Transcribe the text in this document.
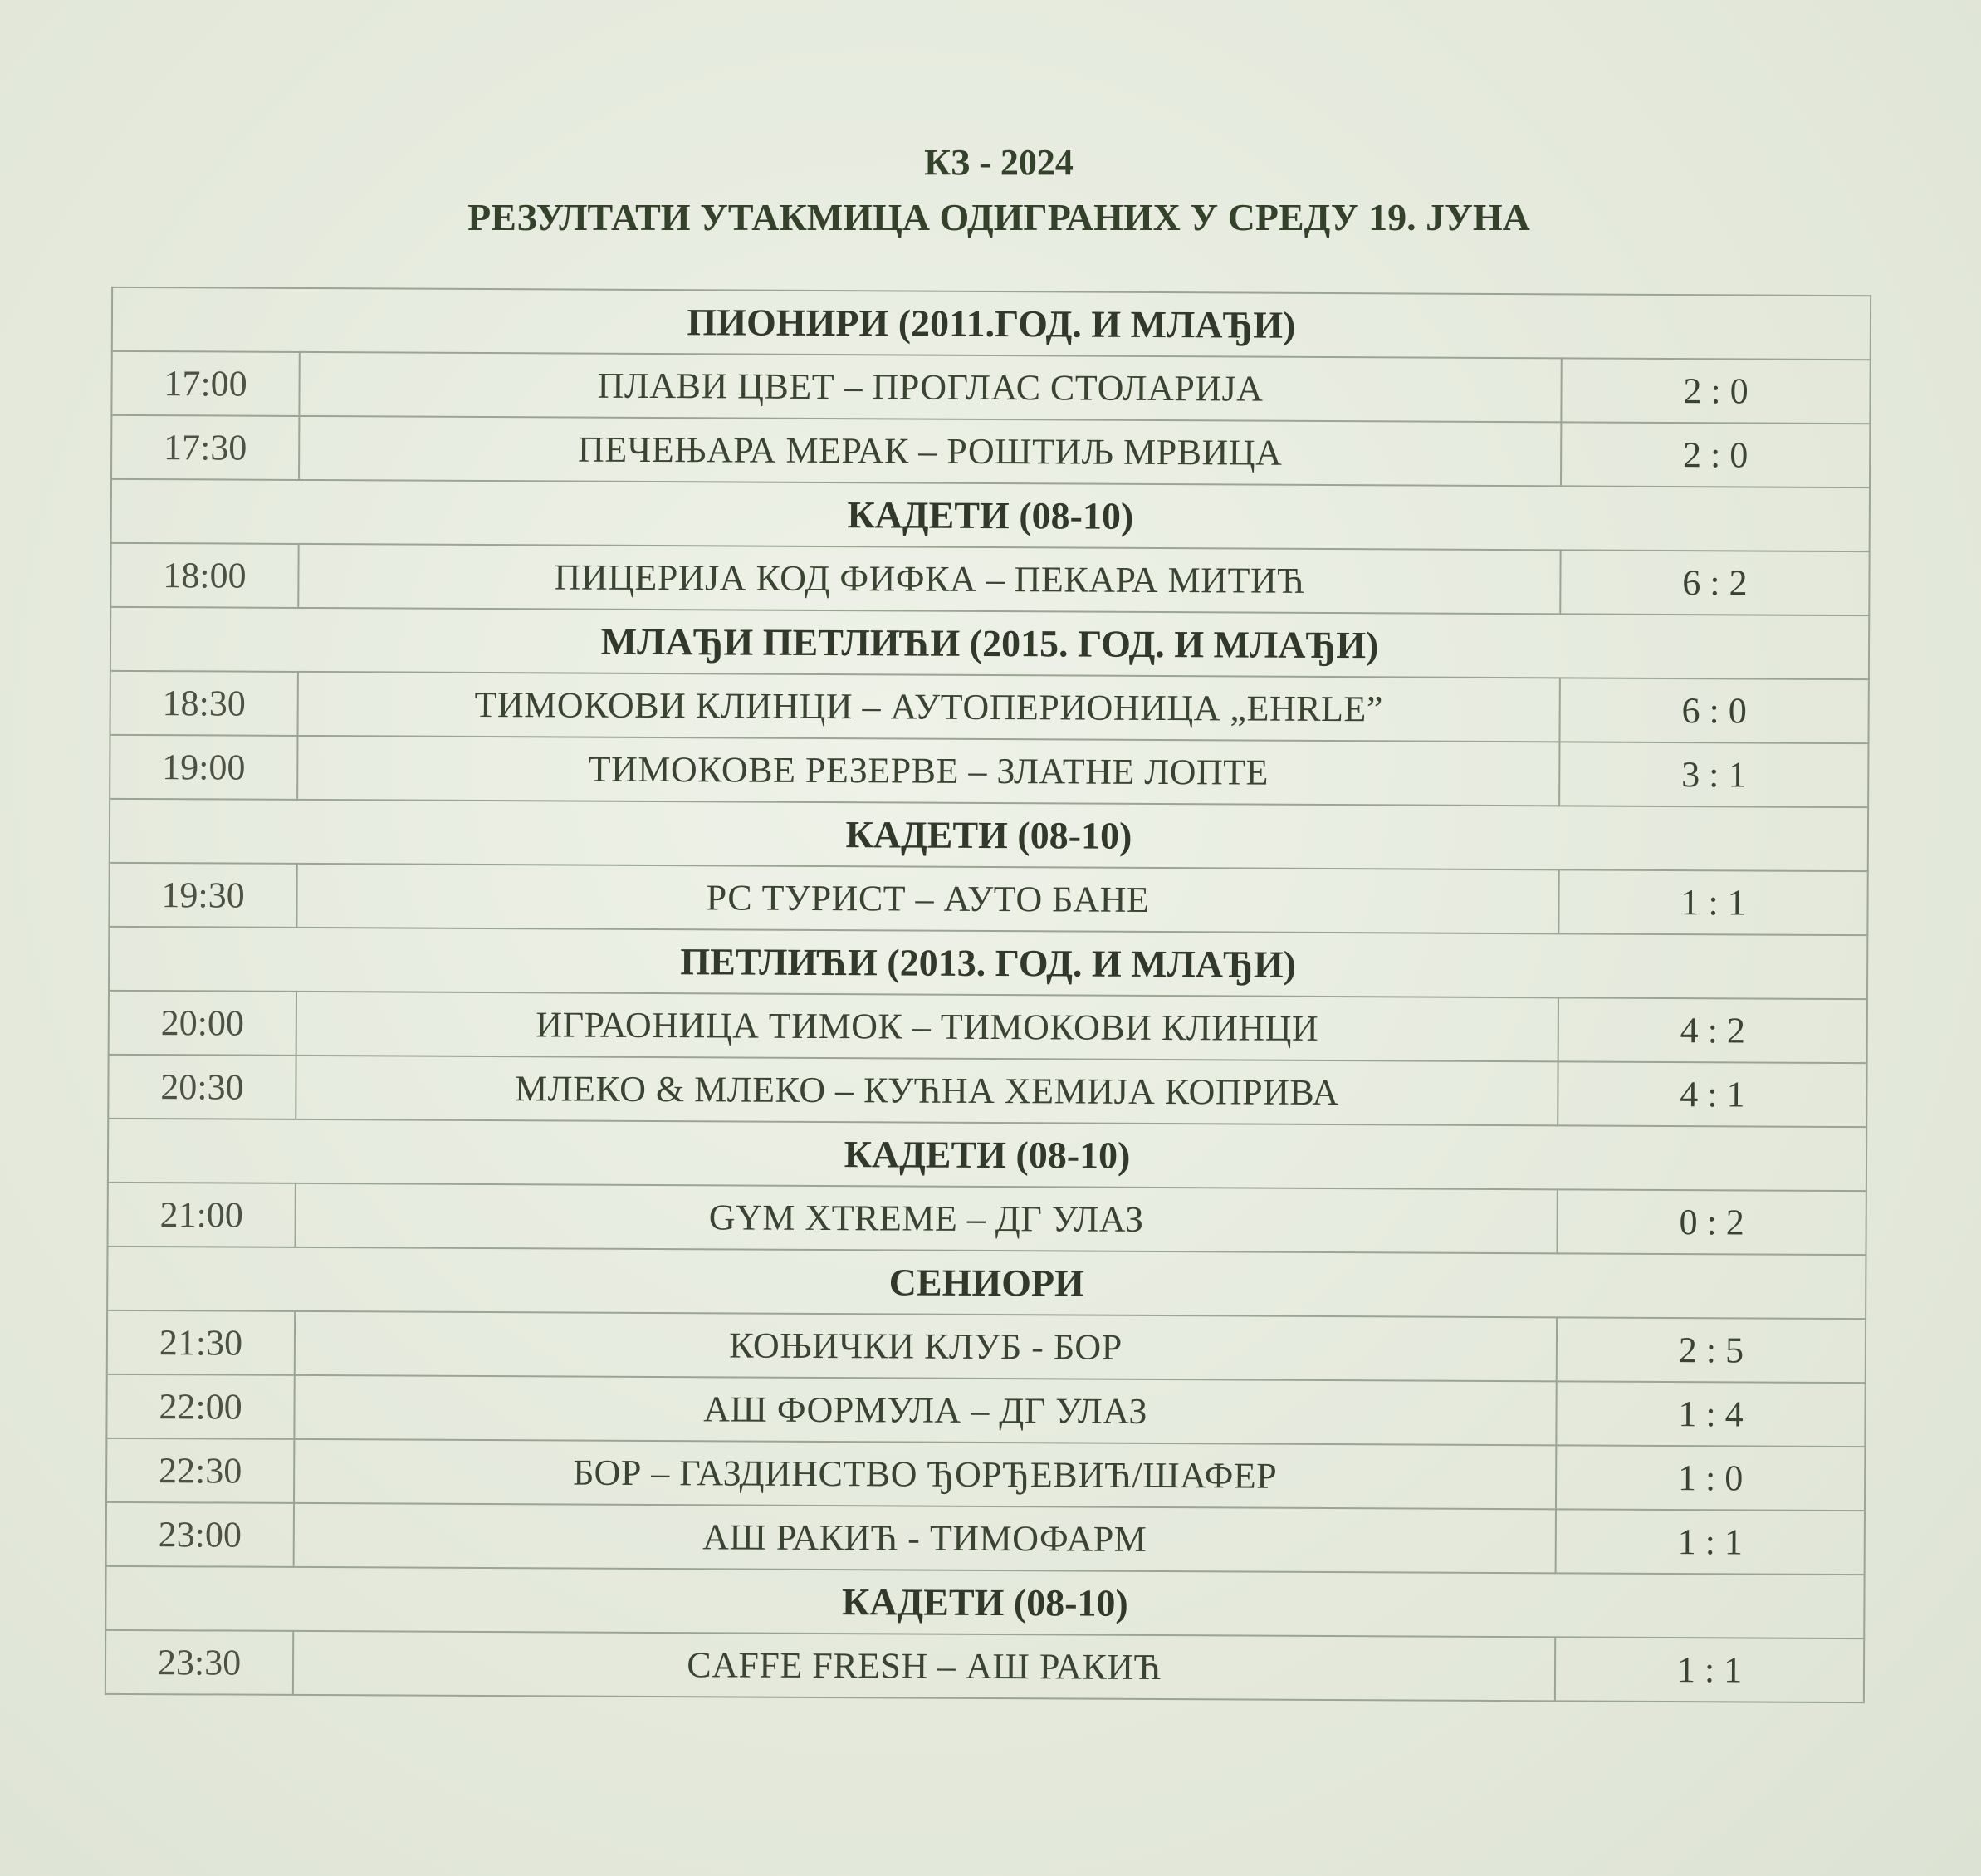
КЗ - 2024
РЕЗУЛТАТИ УТАКМИЦА ОДИГРАНИХ У СРЕДУ 19. ЈУНА
ПИОНИРИ (2011.ГОД. И МЛАЂИ)		
17:00	ПЛАВИ ЦВЕТ – ПРОГЛАС СТОЛАРИЈА	2 : 0
17:30	ПЕЧЕЊАРА МЕРАК – РОШТИЉ МРВИЦА	2 : 0
КАДЕТИ (08-10)		
18:00	ПИЦЕРИЈА КОД ФИФКА – ПЕКАРА МИТИЋ	6 : 2
МЛАЂИ ПЕТЛИЋИ (2015. ГОД. И МЛАЂИ)		
18:30	ТИМОКОВИ КЛИНЦИ – АУТОПЕРИОНИЦА „EHRLE”	6 : 0
19:00	ТИМОКОВЕ РЕЗЕРВЕ – ЗЛАТНЕ ЛОПТЕ	3 : 1
КАДЕТИ (08-10)		
19:30	РС ТУРИСТ – АУТО БАНЕ	1 : 1
ПЕТЛИЋИ (2013. ГОД. И МЛАЂИ)		
20:00	ИГРАОНИЦА ТИМОК – ТИМОКОВИ КЛИНЦИ	4 : 2
20:30	МЛЕКО & МЛЕКО – КУЋНА ХЕМИЈА КОПРИВА	4 : 1
КАДЕТИ (08-10)		
21:00	GYM XTREME – ДГ УЛАЗ	0 : 2
СЕНИОРИ		
21:30	КОЊИЧКИ КЛУБ - БОР	2 : 5
22:00	АШ ФОРМУЛА – ДГ УЛАЗ	1 : 4
22:30	БОР – ГАЗДИНСТВО ЂОРЂЕВИЋ/ШАФЕР	1 : 0
23:00	АШ РАКИЋ - ТИМОФАРМ	1 : 1
КАДЕТИ (08-10)		
23:30	CAFFE FRESH – АШ РАКИЋ	1 : 1
